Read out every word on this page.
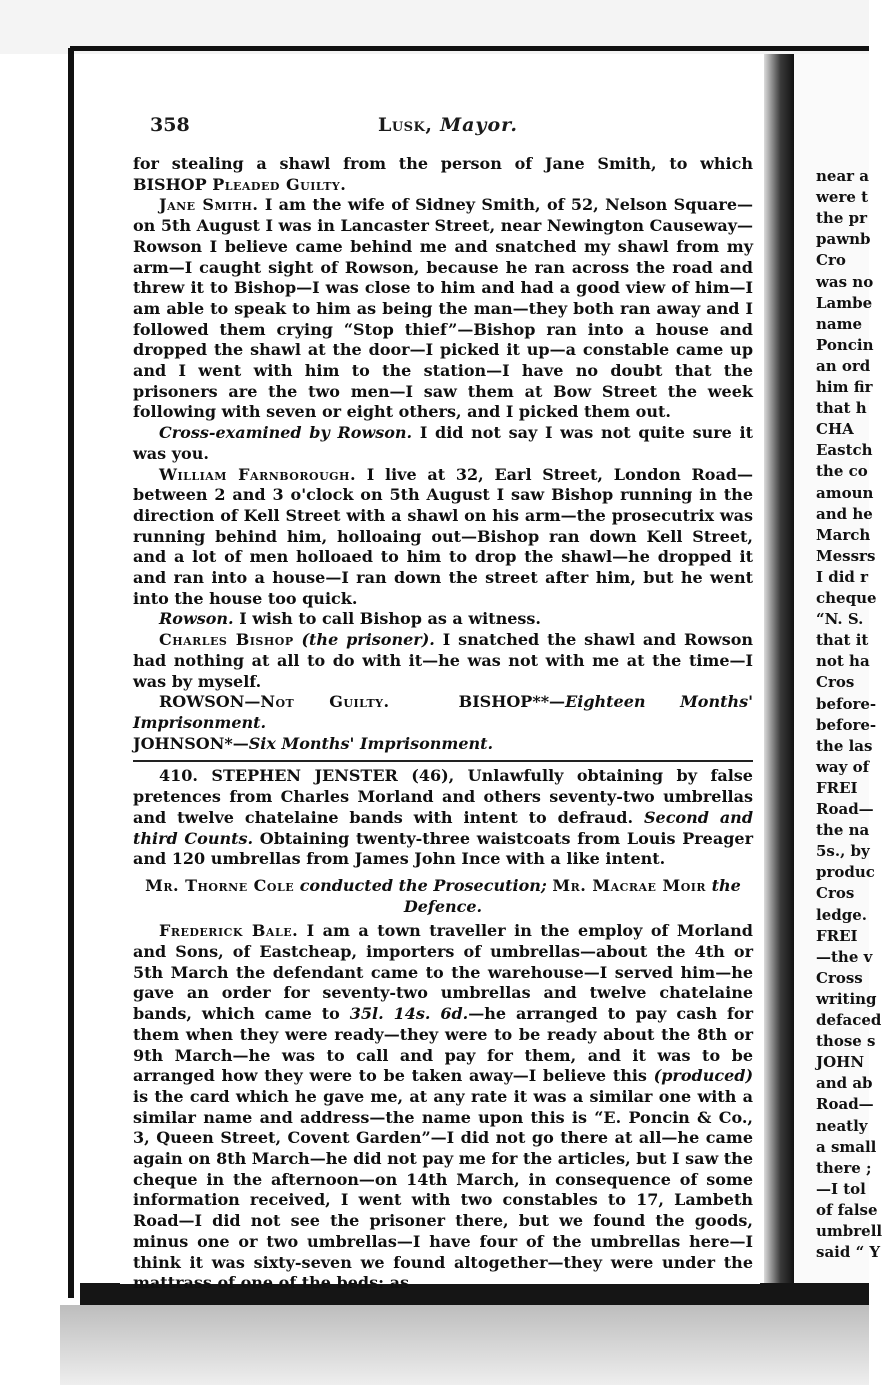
near a
were t
the pr
pawnb
Cro
was no
Lambe
name
Poncin
an ord
him fir
that h
CHA
Eastch
the co
amoun
and he
March
Messrs
I did r
cheque
“N. S.
that it
not ha
Cros
before-
before-
the las
way of
FREI
Road—
the na
5s., by
produc
Cros
ledge.
FREI
—the v
Cross
writing
defaced
those s
JOHN
and ab
Road—
neatly
a small
there ;
—I tol
of false
umbrell
said “ Y
358	Lusk, Mayor.

for stealing a shawl from the person of Jane Smith, to which BISHOP Pleaded Guilty.

Jane Smith. I am the wife of Sidney Smith, of 52, Nelson Square—on 5th August I was in Lancaster Street, near Newington Causeway—Rowson I believe came behind me and snatched my shawl from my arm—I caught sight of Rowson, because he ran across the road and threw it to Bishop—I was close to him and had a good view of him—I am able to speak to him as being the man—they both ran away and I followed them crying “Stop thief”—Bishop ran into a house and dropped the shawl at the door—I picked it up—a constable came up and I went with him to the station—I have no doubt that the prisoners are the two men—I saw them at Bow Street the week following with seven or eight others, and I picked them out.

Cross-examined by Rowson. I did not say I was not quite sure it was you.

William Farnborough. I live at 32, Earl Street, London Road—between 2 and 3 o'clock on 5th August I saw Bishop running in the direction of Kell Street with a shawl on his arm—the prosecutrix was running behind him, holloaing out—Bishop ran down Kell Street, and a lot of men holloaed to him to drop the shawl—he dropped it and ran into a house—I ran down the street after him, but he went into the house too quick.

Rowson. I wish to call Bishop as a witness.

Charles Bishop (the prisoner). I snatched the shawl and Rowson had nothing at all to do with it—he was not with me at the time—I was by myself.

ROWSON—Not Guilty.	BISHOP**—Eighteen Months' Imprisonment.

JOHNSON*—Six Months' Imprisonment.

410. STEPHEN JENSTER (46), Unlawfully obtaining by false pretences from Charles Morland and others seventy-two umbrellas and twelve chatelaine bands with intent to defraud. Second and third Counts. Obtaining twenty-three waistcoats from Louis Preager and 120 umbrellas from James John Ince with a like intent.

Mr. Thorne Cole conducted the Prosecution; Mr. Macrae Moir the Defence.

Frederick Bale. I am a town traveller in the employ of Morland and Sons, of Eastcheap, importers of umbrellas—about the 4th or 5th March the defendant came to the warehouse—I served him—he gave an order for seventy-two umbrellas and twelve chatelaine bands, which came to 35l. 14s. 6d.—he arranged to pay cash for them when they were ready—they were to be ready about the 8th or 9th March—he was to call and pay for them, and it was to be arranged how they were to be taken away—I believe this (produced) is the card which he gave me, at any rate it was a similar one with a similar name and address—the name upon this is “E. Poncin & Co., 3, Queen Street, Covent Garden”—I did not go there at all—he came again on 8th March—he did not pay me for the articles, but I saw the cheque in the afternoon—on 14th March, in consequence of some information received, I went with two constables to 17, Lambeth Road—I did not see the prisoner there, but we found the goods, minus one or two umbrellas—I have four of the umbrellas here—I think it was sixty-seven we found altogether—they were under the mattrass of one of the beds: as
